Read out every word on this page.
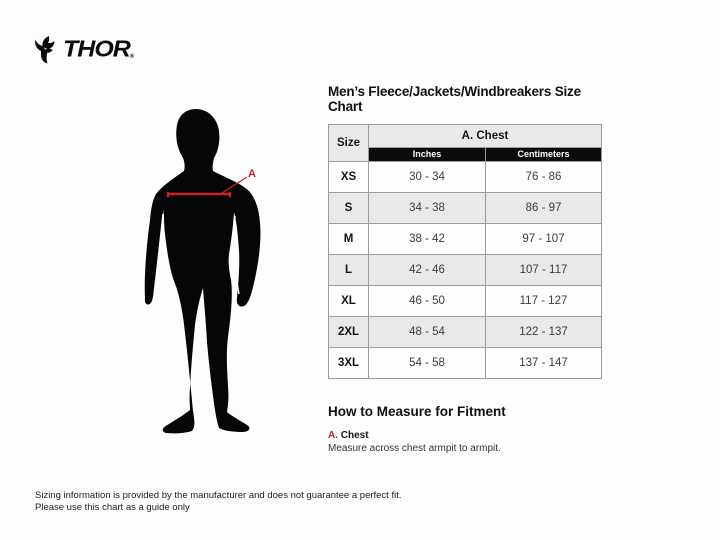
THOR ®
A
Men’s Fleece/Jackets/Windbreakers Size Chart
Size	A. Chest	
	Inches	Centimeters
XS	30 - 34	76 - 86
S	34 - 38	86 - 97
M	38 - 42	97 - 107
L	42 - 46	107 - 117
XL	46 - 50	117 - 127
2XL	48 - 54	122 - 137
3XL	54 - 58	137 - 147
How to Measure for Fitment

A. Chest

Measure across chest armpit to armpit.

Sizing information is provided by the manufacturer and does not guarantee a perfect fit.
Please use this chart as a guide only
